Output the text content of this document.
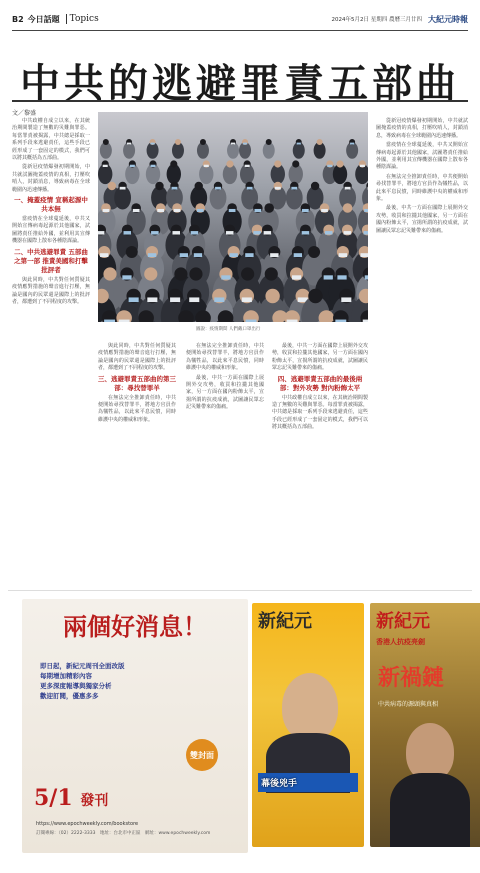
B2 今日話題 Topics	2024年5月2日 星期四 農曆三月廿四 大紀元時報
中共的逃避罪責五部曲
文／黎盛

中共政權自成立以來，在其統治期間製造了無數的災難與罪惡。每當罪責被揭露，中共總是採取一系列手段來逃避責任，這些手段已經形成了一套固定的模式，我們可以將其概括為五部曲。

從新冠疫情爆發初期開始，中共就試圖掩蓋疫情的真相，打壓吹哨人，封鎖消息，導致病毒在全球範圍內迅速傳播。

一、掩蓋疫情 宣稱起源中共本無

當疫情在全球蔓延後，中共又開始宣傳病毒起源於其他國家，試圖將責任推給外國，並利用其宣傳機器在國際上散布各種陰謀論。

二、中共逃避罪責 五部曲之第一部 推責美國和打擊批評者

與此同時，中共對任何質疑其疫情應對措施的聲音進行打壓，無論是國內的民眾還是國際上的批評者，都遭到了不同程度的攻擊。

圖說：疫情期間 人們戴口罩出行

與此同時，中共對任何質疑其疫情應對措施的聲音進行打壓，無論是國內的民眾還是國際上的批評者，都遭到了不同程度的攻擊。

三、逃避罪責五部曲的第三部：尋找替罪羊

在無法完全推卸責任時，中共便開始尋找替罪羊，將地方官員作為犧牲品，以此來平息民憤，同時維護中央的權威和形象。

在無法完全推卸責任時，中共便開始尋找替罪羊，將地方官員作為犧牲品，以此來平息民憤，同時維護中央的權威和形象。

最後，中共一方面在國際上展開外交攻勢，收買和拉攏其他國家，另一方面在國內粉飾太平，宣揚所謂的抗疫成就，試圖讓民眾忘記災難帶來的傷痛。

最後，中共一方面在國際上展開外交攻勢，收買和拉攏其他國家，另一方面在國內粉飾太平，宣揚所謂的抗疫成就，試圖讓民眾忘記災難帶來的傷痛。

四、逃避罪責五部曲的最後兩部：對外攻勢 對內粉飾太平

中共政權自成立以來，在其統治期間製造了無數的災難與罪惡。每當罪責被揭露，中共總是採取一系列手段來逃避責任，這些手段已經形成了一套固定的模式，我們可以將其概括為五部曲。

從新冠疫情爆發初期開始，中共就試圖掩蓋疫情的真相，打壓吹哨人，封鎖消息，導致病毒在全球範圍內迅速傳播。

當疫情在全球蔓延後，中共又開始宣傳病毒起源於其他國家，試圖將責任推給外國，並利用其宣傳機器在國際上散布各種陰謀論。

在無法完全推卸責任時，中共便開始尋找替罪羊，將地方官員作為犧牲品，以此來平息民憤，同時維護中央的權威和形象。

最後，中共一方面在國際上展開外交攻勢，收買和拉攏其他國家，另一方面在國內粉飾太平，宣揚所謂的抗疫成就，試圖讓民眾忘記災難帶來的傷痛。

兩個好消息！
即日起，新紀元周刊全面改版
每期增加精彩內容
更多深度報導與獨家分析
歡迎訂閱，優惠多多
雙封面
5/1 發刊
https://www.epochweekly.com/bookstore
訂閱專線：（02）2222-3333　地址：台北市中正區　網址：www.epochweekly.com
新紀元
幕後兇手
新紀元
香港人抗疫亮劍
新禍鏈
中共病毒的源頭與真相
